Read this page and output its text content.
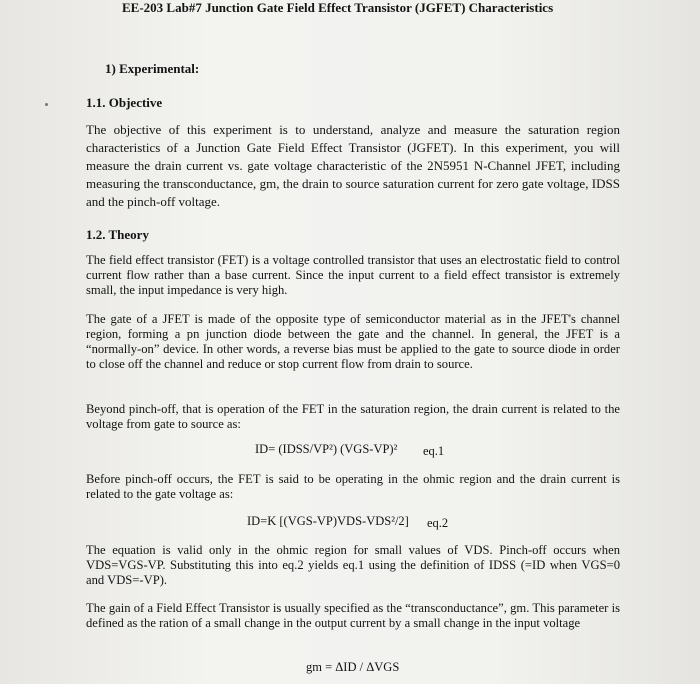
EE-203 Lab#7 Junction Gate Field Effect Transistor (JGFET) Characteristics
1) Experimental:
1.1. Objective
The objective of this experiment is to understand, analyze and measure the saturation region characteristics of a Junction Gate Field Effect Transistor (JGFET). In this experiment, you will measure the drain current vs. gate voltage characteristic of the 2N5951 N-Channel JFET, including measuring the transconductance, gm, the drain to source saturation current for zero gate voltage, IDSS and the pinch-off voltage.
1.2. Theory
The field effect transistor (FET) is a voltage controlled transistor that uses an electrostatic field to control current flow rather than a base current. Since the input current to a field effect transistor is extremely small, the input impedance is very high.
The gate of a JFET is made of the opposite type of semiconductor material as in the JFET's channel region, forming a pn junction diode between the gate and the channel. In general, the JFET is a “normally-on” device. In other words, a reverse bias must be applied to the gate to source diode in order to close off the channel and reduce or stop current flow from drain to source.
Beyond pinch-off, that is operation of the FET in the saturation region, the drain current is related to the voltage from gate to source as:
ID= (IDSS/VP²) (VGS-VP)² eq.1
Before pinch-off occurs, the FET is said to be operating in the ohmic region and the drain current is related to the gate voltage as:
ID=K [(VGS-VP)VDS-VDS²/2] eq.2
The equation is valid only in the ohmic region for small values of VDS. Pinch-off occurs when VDS=VGS-VP. Substituting this into eq.2 yields eq.1 using the definition of IDSS (=ID when VGS=0 and VDS=-VP).
The gain of a Field Effect Transistor is usually specified as the “transconductance”, gm. This parameter is defined as the ration of a small change in the output current by a small change in the input voltage
gm = ΔID / ΔVGS
